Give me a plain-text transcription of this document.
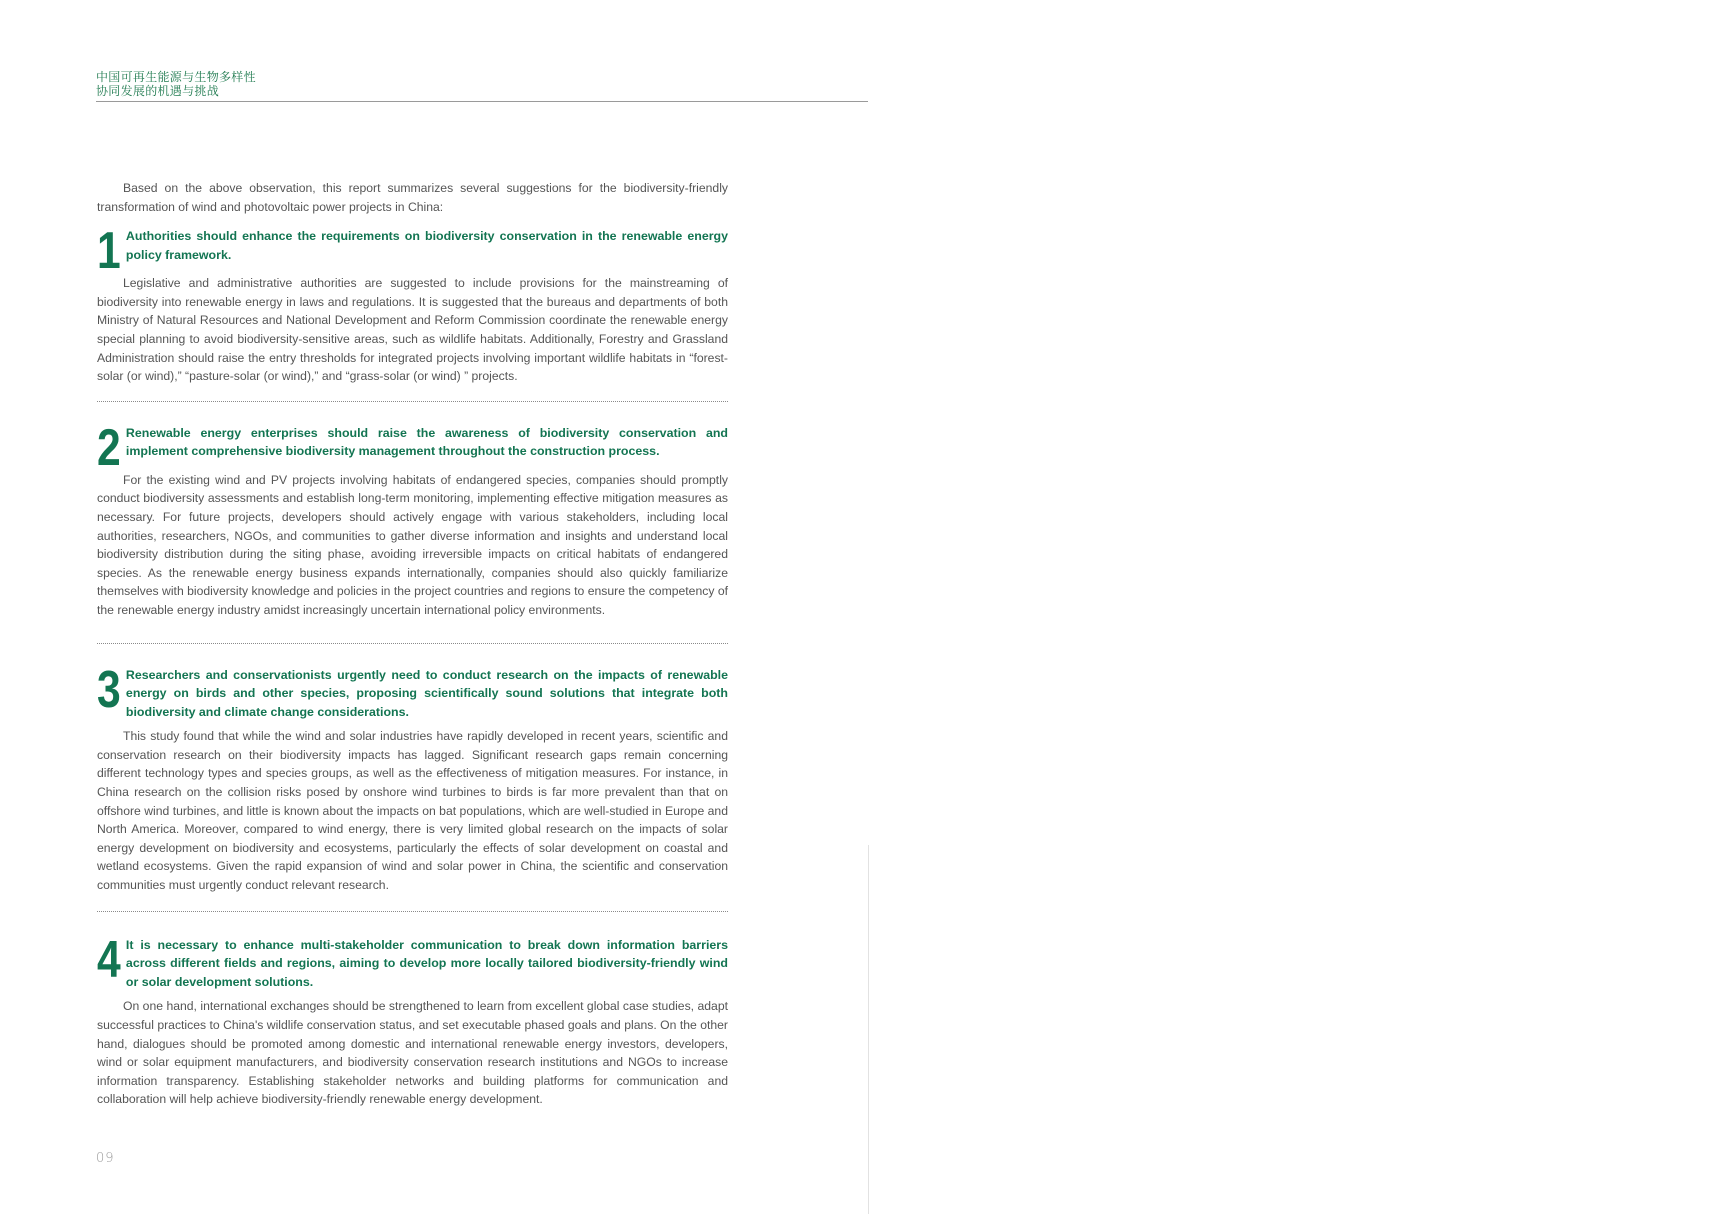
中国可再生能源与生物多样性
协同发展的机遇与挑战

Based on the above observation, this report summarizes several suggestions for the biodiversity-friendly transformation of wind and photovoltaic power projects in China:

1 Authorities should enhance the requirements on biodiversity conservation in the renewable energy policy framework.

Legislative and administrative authorities are suggested to include provisions for the mainstreaming of biodiversity into renewable energy in laws and regulations. It is suggested that the bureaus and departments of both Ministry of Natural Resources and National Development and Reform Commission coordinate the renewable energy special planning to avoid biodiversity-sensitive areas, such as wildlife habitats. Additionally, Forestry and Grassland Administration should raise the entry thresholds for integrated projects involving important wildlife habitats in “forest-solar (or wind),” “pasture-solar (or wind),” and “grass-solar (or wind) ” projects.

2 Renewable energy enterprises should raise the awareness of biodiversity conservation and implement comprehensive biodiversity management throughout the construction process.

For the existing wind and PV projects involving habitats of endangered species, companies should promptly conduct biodiversity assessments and establish long-term monitoring, implementing effective mitigation measures as necessary. For future projects, developers should actively engage with various stakeholders, including local authorities, researchers, NGOs, and communities to gather diverse information and insights and understand local biodiversity distribution during the siting phase, avoiding irreversible impacts on critical habitats of endangered species. As the renewable energy business expands internationally, companies should also quickly familiarize themselves with biodiversity knowledge and policies in the project countries and regions to ensure the competency of the renewable energy industry amidst increasingly uncertain international policy environments.

3 Researchers and conservationists urgently need to conduct research on the impacts of renewable energy on birds and other species, proposing scientifically sound solutions that integrate both biodiversity and climate change considerations.

This study found that while the wind and solar industries have rapidly developed in recent years, scientific and conservation research on their biodiversity impacts has lagged. Significant research gaps remain concerning different technology types and species groups, as well as the effectiveness of mitigation measures. For instance, in China research on the collision risks posed by onshore wind turbines to birds is far more prevalent than that on offshore wind turbines, and little is known about the impacts on bat populations, which are well-studied in Europe and North America. Moreover, compared to wind energy, there is very limited global research on the impacts of solar energy development on biodiversity and ecosystems, particularly the effects of solar development on coastal and wetland ecosystems. Given the rapid expansion of wind and solar power in China, the scientific and conservation communities must urgently conduct relevant research.

4 It is necessary to enhance multi-stakeholder communication to break down information barriers across different fields and regions, aiming to develop more locally tailored biodiversity-friendly wind or solar development solutions.

On one hand, international exchanges should be strengthened to learn from excellent global case studies, adapt successful practices to China's wildlife conservation status, and set executable phased goals and plans. On the other hand, dialogues should be promoted among domestic and international renewable energy investors, developers, wind or solar equipment manufacturers, and biodiversity conservation research institutions and NGOs to increase information transparency. Establishing stakeholder networks and building platforms for communication and collaboration will help achieve biodiversity-friendly renewable energy development.

09
